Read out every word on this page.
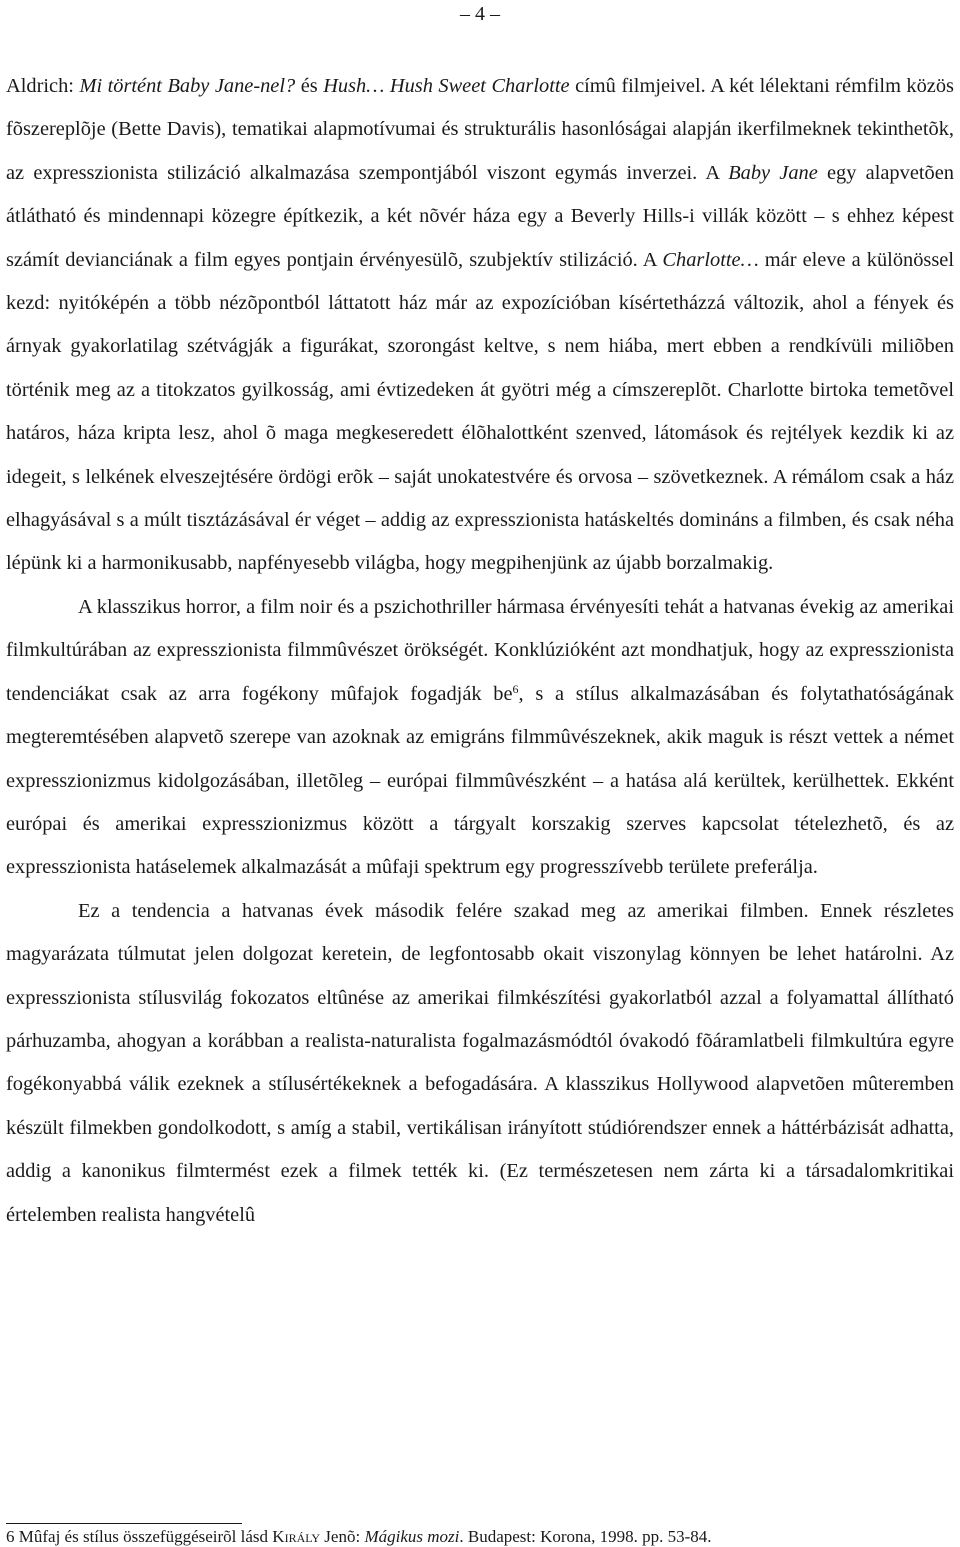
– 4 –

Aldrich: Mi történt Baby Jane-nel? és Hush… Hush Sweet Charlotte címû filmjeivel. A két lélektani rémfilm közös fõszereplõje (Bette Davis), tematikai alapmotívumai és strukturális hasonlóságai alapján ikerfilmeknek tekinthetõk, az expresszionista stilizáció alkalmazása szempontjából viszont egymás inverzei. A Baby Jane egy alapvetõen átlátható és mindennapi közegre építkezik, a két nõvér háza egy a Beverly Hills-i villák között – s ehhez képest számít devianciának a film egyes pontjain érvényesülõ, szubjektív stilizáció. A Charlotte… már eleve a különössel kezd: nyitóképén a több nézõpontból láttatott ház már az expozícióban kísértetházzá változik, ahol a fények és árnyak gyakorlatilag szétvágják a figurákat, szorongást keltve, s nem hiába, mert ebben a rendkívüli miliõben történik meg az a titokzatos gyilkosság, ami évtizedeken át gyötri még a címszereplõt. Charlotte birtoka temetõvel határos, háza kripta lesz, ahol õ maga megkeseredett élõhalottként szenved, látomások és rejtélyek kezdik ki az idegeit, s lelkének elveszejtésére ördögi erõk – saját unokatestvére és orvosa – szövetkeznek. A rémálom csak a ház elhagyásával s a múlt tisztázásával ér véget – addig az expresszionista hatáskeltés domináns a filmben, és csak néha lépünk ki a harmonikusabb, napfényesebb világba, hogy megpihenjünk az újabb borzalmakig.

A klasszikus horror, a film noir és a pszichothriller hármasa érvényesíti tehát a hatvanas évekig az amerikai filmkultúrában az expresszionista filmmûvészet örökségét. Konklúzióként azt mondhatjuk, hogy az expresszionista tendenciákat csak az arra fogékony mûfajok fogadják $be^6$, s a stílus alkalmazásában és folytathatóságának megteremtésében alapvetõ szerepe van azoknak az emigráns filmmûvészeknek, akik maguk is részt vettek a német expresszionizmus kidolgozásában, illetõleg – európai filmmûvészként – a hatása alá kerültek, kerülhettek. Ekként európai és amerikai expresszionizmus között a tárgyalt korszakig szerves kapcsolat tételezhetõ, és az expresszionista hatáselemek alkalmazását a mûfaji spektrum egy progresszívebb területe preferálja.

Ez a tendencia a hatvanas évek második felére szakad meg az amerikai filmben. Ennek részletes magyarázata túlmutat jelen dolgozat keretein, de legfontosabb okait viszonylag könnyen be lehet határolni. Az expresszionista stílusvilág fokozatos eltûnése az amerikai filmkészítési gyakorlatból azzal a folyamattal állítható párhuzamba, ahogyan a korábban a realista-naturalista fogalmazásmódtól óvakodó fõáramlatbeli filmkultúra egyre fogékonyabbá válik ezeknek a stílusértékeknek a befogadására. A klasszikus Hollywood alapvetõen mûteremben készült filmekben gondolkodott, s amíg a stabil, vertikálisan irányított stúdiórendszer ennek a háttérbázisát adhatta, addig a kanonikus filmtermést ezek a filmek tették ki. (Ez természetesen nem zárta ki a társadalomkritikai értelemben realista hangvételû

6 Mûfaj és stílus összefüggéseirõl lásd Király Jenõ: Mágikus mozi. Budapest: Korona, 1998. pp. 53-84.
